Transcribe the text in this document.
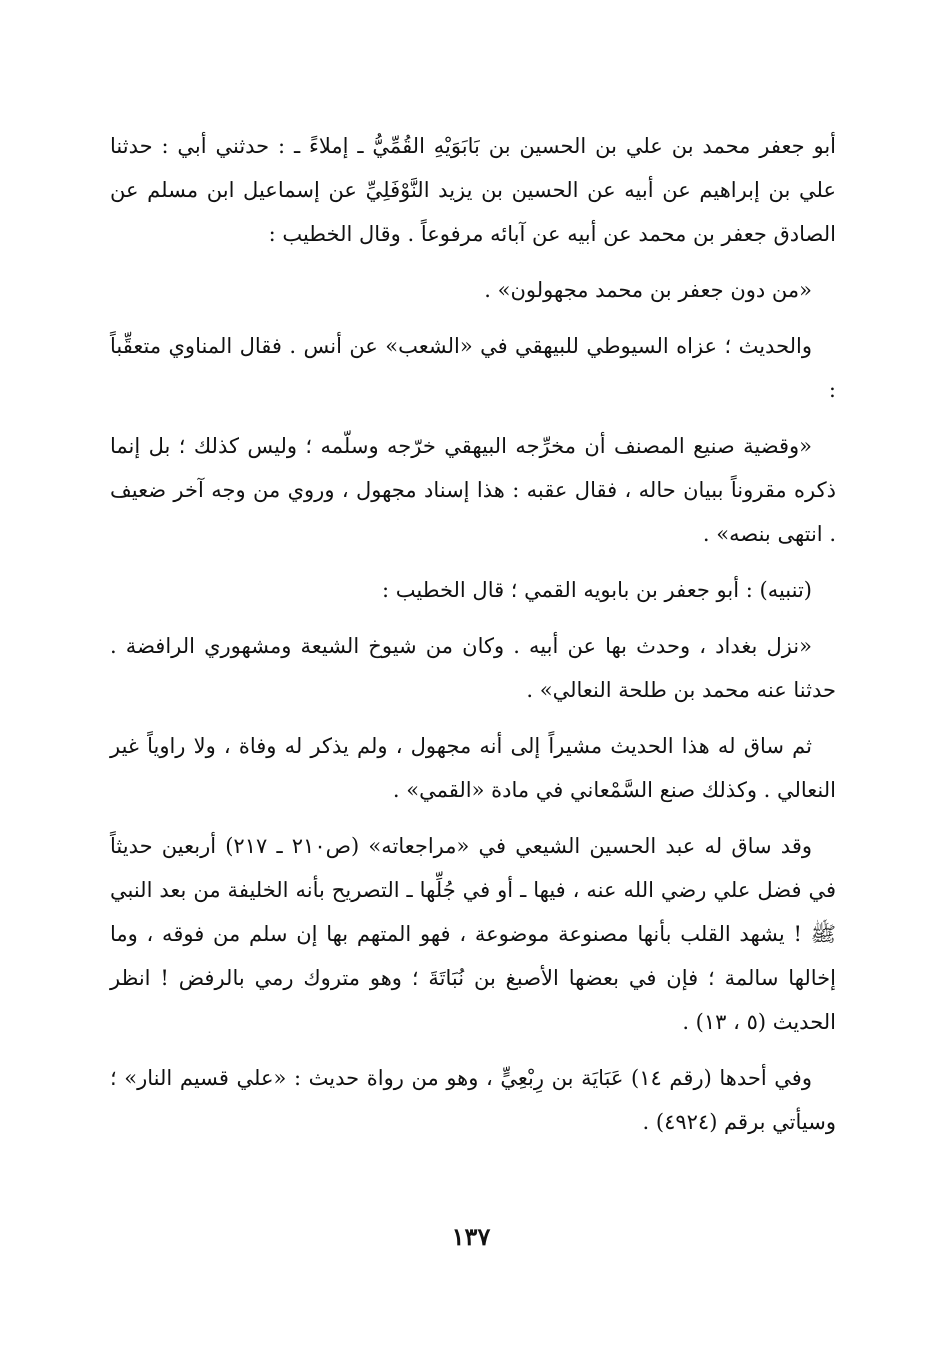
أبو جعفر محمد بن علي بن الحسين بن بَابَوَيْهِ القُمِّيُّ ـ إملاءً ـ : حدثني أبي : حدثنا علي بن إبراهيم عن أبيه عن الحسين بن يزيد النَّوْفَلِيِّ عن إسماعيل ابن مسلم عن الصادق جعفر بن محمد عن أبيه عن آبائه مرفوعاً . وقال الخطيب :

«من دون جعفر بن محمد مجهولون» .

والحديث ؛ عزاه السيوطي للبيهقي في «الشعب» عن أنس . فقال المناوي متعقِّباً :

«وقضية صنيع المصنف أن مخرِّجه البيهقي خرّجه وسلّمه ؛ وليس كذلك ؛ بل إنما ذكره مقروناً ببيان حاله ، فقال عقبه : هذا إسناد مجهول ، وروي من وجه آخر ضعيف . انتهى بنصه» .

(تنبيه) : أبو جعفر بن بابويه القمي ؛ قال الخطيب :

«نزل بغداد ، وحدث بها عن أبيه . وكان من شيوخ الشيعة ومشهوري الرافضة . حدثنا عنه محمد بن طلحة النعالي» .

ثم ساق له هذا الحديث مشيراً إلى أنه مجهول ، ولم يذكر له وفاة ، ولا راوياً غير النعالي . وكذلك صنع السَّمْعاني في مادة «القمي» .

وقد ساق له عبد الحسين الشيعي في «مراجعاته» (ص٢١٠ ـ ٢١٧) أربعين حديثاً في فضل علي رضي الله عنه ، فيها ـ أو في جُلِّها ـ التصريح بأنه الخليفة من بعد النبي ﷺ ! يشهد القلب بأنها مصنوعة موضوعة ، فهو المتهم بها إن سلم من فوقه ، وما إخالها سالمة ؛ فإن في بعضها الأصبغ بن نُبَاتَةَ ؛ وهو متروك رمي بالرفض ! انظر الحديث (٥ ، ١٣) .

وفي أحدها (رقم ١٤) عَبَايَة بن رِبْعِيٍّ ، وهو من رواة حديث : «علي قسيم النار» ؛ وسيأتي برقم (٤٩٢٤) .

١٣٧
